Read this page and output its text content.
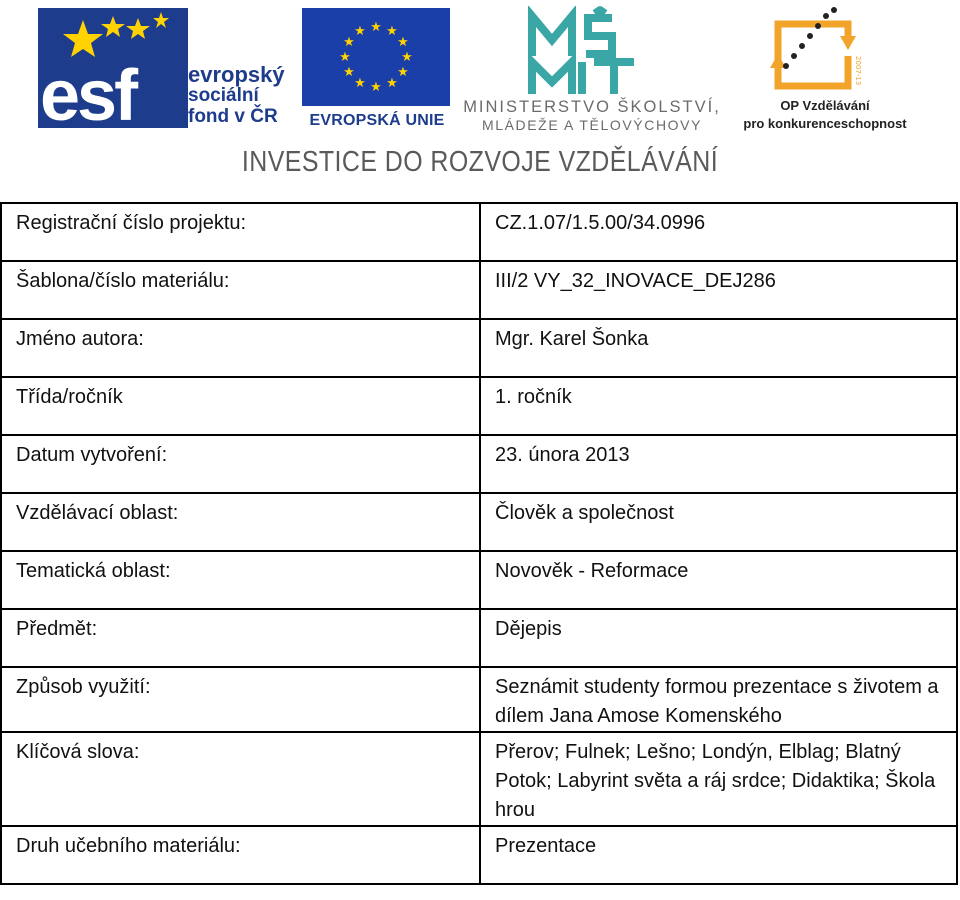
esf evropský
sociální
fond v ČR
★ ★
★
★
★
★
★
★
★
★
★
★
EVROPSKÁ UNIE
MINISTERSTVO ŠKOLSTVÍ,
MLÁDEŽE A TĚLOVÝCHOVY
2007-13
OP Vzdělávání
pro konkurenceschopnost
INVESTICE DO ROZVOJE VZDĚLÁVÁNÍ
Registrační číslo projektu:	CZ.1.07/1.5.00/34.0996
Šablona/číslo materiálu:	III/2 VY_32_INOVACE_DEJ286
Jméno autora:	Mgr. Karel Šonka
Třída/ročník	1. ročník
Datum vytvoření:	23. února 2013
Vzdělávací oblast:	Člověk a společnost
Tematická oblast:	Novověk - Reformace
Předmět:	Dějepis
Způsob využití:	Seznámit studenty formou prezentace s životem a dílem Jana Amose Komenského
Klíčová slova:	Přerov; Fulnek; Lešno; Londýn, Elblag; Blatný Potok; Labyrint světa a ráj srdce; Didaktika; Škola hrou
Druh učebního materiálu:	Prezentace
